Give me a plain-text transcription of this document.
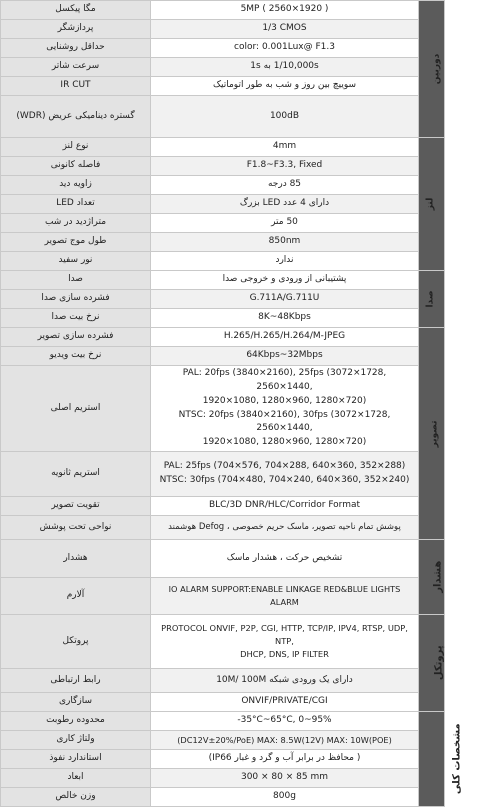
مگا پیکسل	5MP ( 2560×1920 )	دوربین
پردازشگر	1/3 CMOS	
حداقل روشنایی	color: 0.001Lux@ F1.3	
سرعت شاتر	1/10,000s به 1s	
IR CUT	سوییچ بین روز و شب به طور اتوماتیک	
گستره دینامیکی عریض (WDR)	100dB	
نوع لنز	4mm	لنز
فاصله کانونی	F1.8~F3.3, Fixed	
زاویه دید	85 درجه	
تعداد LED	دارای 4 عدد LED بزرگ	
متراژدید در شب	50 متر	
طول موج تصویر	850nm	
نور سفید	ندارد	
صدا	پشتیبانی از ورودی و خروجی صدا	صدا
فشرده سازی صدا	G.711A/G.711U	
نرخ بیت صدا	8K~48Kbps	
فشرده سازی تصویر	H.265/H.265/H.264/M-JPEG	تصویر
نرخ بیت ویدیو	64Kbps~32Mbps	
استریم اصلی	PAL: 20fps (3840×2160), 25fps (3072×1728, 2560×1440,
1920×1080, 1280×960, 1280×720)
NTSC: 20fps (3840×2160), 30fps (3072×1728, 2560×1440,
1920×1080, 1280×960, 1280×720)	

استریم ثانویه	PAL: 25fps (704×576, 704×288, 640×360, 352×288)
NTSC: 30fps (704×480, 704×240, 640×360, 352×240)	

تقویت تصویر	BLC/3D DNR/HLC/Corridor Format	
نواحی تحت پوشش	پوشش تمام ناحیه تصویر، ماسک حریم خصوصی ، Defog هوشمند	
هشدار	تشخیص حرکت ، هشدار ماسک	هشدار
آلارم	IO ALARM SUPPORT:ENABLE LINKAGE RED&BLUE LIGHTS ALARM	
پروتکل	PROTOCOL ONVIF, P2P, CGI, HTTP, TCP/IP, IPV4, RTSP, UDP, NTP,
DHCP, DNS, IP FILTER	پروتکل
رابط ارتباطی	دارای یک ورودی شبکه 10M/ 100M	
سازگاری	ONVIF/PRIVATE/CGI	
محدوده رطوبت	-35°C~65°C, 0~95%	مشخصات کلی
ولتاژ کاری	(DC12V±20%/PoE) MAX: 8.5W(12V) MAX: 10W(POE)	
استاندارد نفوذ	( محافظ در برابر آب و گرد و غبار IP66)	
ابعاد	300 × 80 × 85 mm	
وزن خالص	800g	
